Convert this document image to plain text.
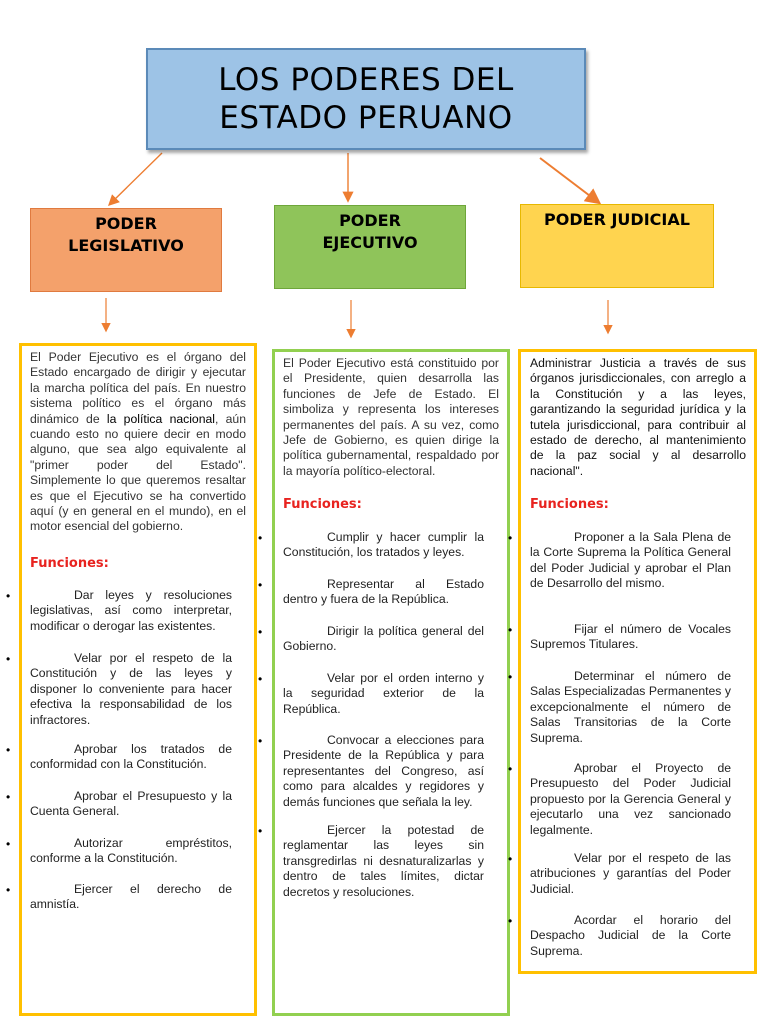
LOS PODERES DEL
ESTADO PERUANO
PODER
LEGISLATIVO
PODER
EJECUTIVO
PODER JUDICIAL

El Poder Ejecutivo es el órgano del Estado encargado de dirigir y ejecutar la marcha política del país. En nuestro sistema político es el órgano más dinámico de la política nacional, aún cuando esto no quiere decir en modo alguno, que sea algo equivalente al "primer poder del Estado". Simplemente lo que queremos resaltar es que el Ejecutivo se ha convertido aquí (y en general en el mundo), en el motor esencial del gobierno.

Funciones:

El Poder Ejecutivo está constituido por el Presidente, quien desarrolla las funciones de Jefe de Estado. El simboliza y representa los intereses permanentes del país. A su vez, como Jefe de Gobierno, es quien dirige la política gubernamental, respaldado por la mayoría político-electoral.

Funciones:

Administrar Justicia a través de sus órganos jurisdiccionales, con arreglo a la Constitución y a las leyes, garantizando la seguridad jurídica y la tutela jurisdiccional, para contribuir al estado de derecho, al mantenimiento de la paz social y al desarrollo nacional".

Funciones:
•	Dar leyes y resoluciones legislativas, así como interpretar, modificar o derogar las existentes.

•	Velar por el respeto de la Constitución y de las leyes y disponer lo conveniente para hacer efectiva la responsabilidad de los infractores.

•	Aprobar los tratados de conformidad con la Constitución.

•	Aprobar el Presupuesto y la Cuenta General.

•	Autorizar empréstitos, conforme a la Constitución.

•	Ejercer el derecho de amnistía.

•	Cumplir y hacer cumplir la Constitución, los tratados y leyes.

•	Representar al Estado dentro y fuera de la República.

•	Dirigir la política general del Gobierno.

•	Velar por el orden interno y la seguridad exterior de la República.

•	Convocar a elecciones para Presidente de la República y para representantes del Congreso, así como para alcaldes y regidores y demás funciones que señala la ley.

•	Ejercer la potestad de reglamentar las leyes sin transgredirlas ni desnaturalizarlas y dentro de tales límites, dictar decretos y resoluciones.

•	Proponer a la Sala Plena de la Corte Suprema la Política General del Poder Judicial y aprobar el Plan de Desarrollo del mismo.

•	Fijar el número de Vocales Supremos Titulares.

•	Determinar el número de Salas Especializadas Permanentes y excepcionalmente el número de Salas Transitorias de la Corte Suprema.

•	Aprobar el Proyecto de Presupuesto del Poder Judicial propuesto por la Gerencia General y ejecutarlo una vez sancionado legalmente.

•	Velar por el respeto de las atribuciones y garantías del Poder Judicial.

•	Acordar el horario del Despacho Judicial de la Corte Suprema.
